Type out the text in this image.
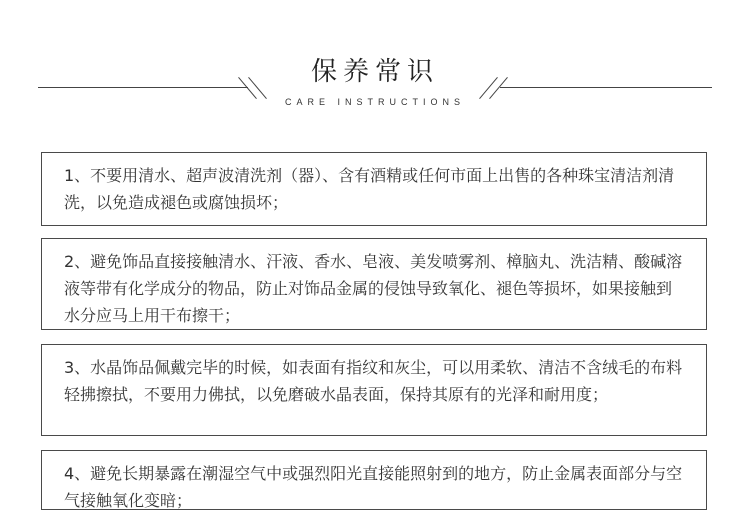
保养常识
CARE INSTRUCTIONS

1、不要用清水、超声波清洗剂（器）、含有酒精或任何市面上出售的各种珠宝清洁剂清洗，以免造成褪色或腐蚀损坏；

2、避免饰品直接接触清水、汗液、香水、皂液、美发喷雾剂、樟脑丸、洗洁精、酸碱溶液等带有化学成分的物品，防止对饰品金属的侵蚀导致氧化、褪色等损坏，如果接触到水分应马上用干布擦干；

3、水晶饰品佩戴完毕的时候，如表面有指纹和灰尘，可以用柔软、清洁不含绒毛的布料轻拂擦拭，不要用力佛拭，以免磨破水晶表面，保持其原有的光泽和耐用度；

4、避免长期暴露在潮湿空气中或强烈阳光直接能照射到的地方，防止金属表面部分与空气接触氧化变暗；
